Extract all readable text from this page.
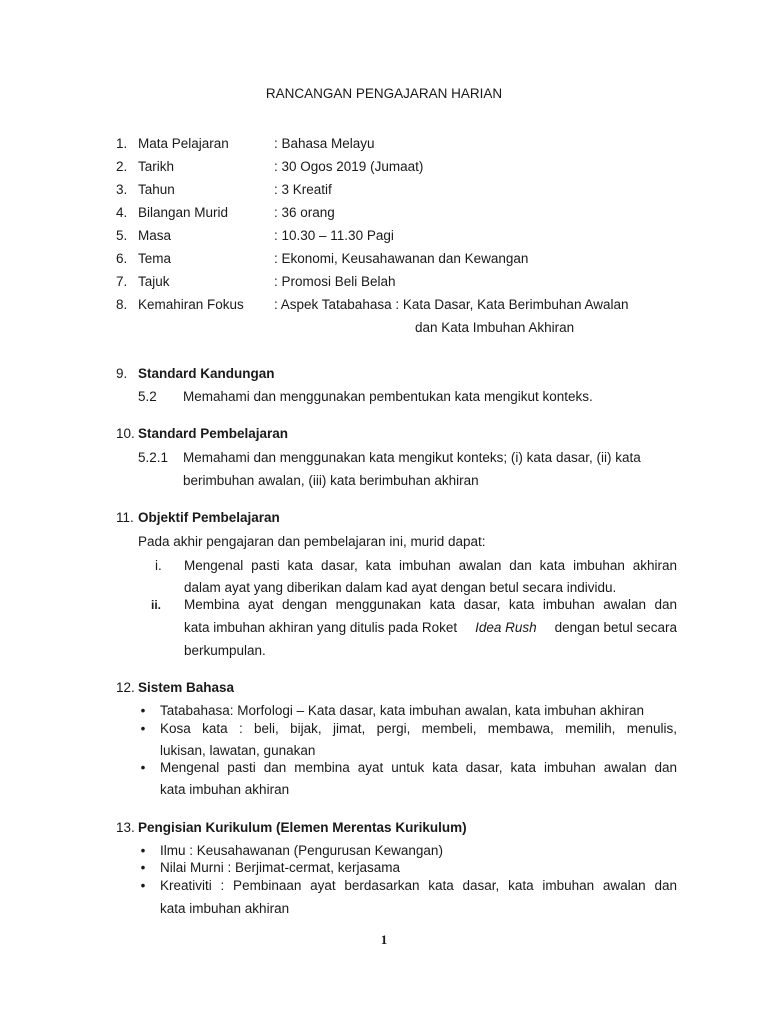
RANCANGAN PENGAJARAN HARIAN
1. Mata Pelajaran	: Bahasa Melayu
2. Tarikh	: 30 Ogos 2019 (Jumaat)
3. Tahun	: 3 Kreatif
4. Bilangan Murid	: 36 orang
5. Masa	: 10.30 – 11.30 Pagi
6. Tema	: Ekonomi, Keusahawanan dan Kewangan
7. Tajuk	: Promosi Beli Belah
8. Kemahiran Fokus : Aspek Tatabahasa : Kata Dasar, Kata Berimbuhan Awalan
dan Kata Imbuhan Akhiran
9. Standard Kandungan
5.2 Memahami dan menggunakan pembentukan kata mengikut konteks.
10. Standard Pembelajaran
5.2.1 Memahami dan menggunakan kata mengikut konteks; (i) kata dasar, (ii) kata
berimbuhan awalan, (iii) kata berimbuhan akhiran
11. Objektif Pembelajaran
Pada akhir pengajaran dan pembelajaran ini, murid dapat:
i. Mengenal pasti kata dasar, kata imbuhan awalan dan kata imbuhan akhiran
dalam ayat yang diberikan dalam kad ayat dengan betul secara individu.
ii. Membina ayat dengan menggunakan kata dasar, kata imbuhan awalan dan
kata imbuhan akhiran yang ditulis pada Roket Idea Rush dengan betul secara
berkumpulan.
12. Sistem Bahasa
• Tatabahasa: Morfologi – Kata dasar, kata imbuhan awalan, kata imbuhan akhiran
• Kosa kata : beli, bijak, jimat, pergi, membeli, membawa, memilih, menulis,
lukisan, lawatan, gunakan
• Mengenal pasti dan membina ayat untuk kata dasar, kata imbuhan awalan dan
kata imbuhan akhiran
13. Pengisian Kurikulum (Elemen Merentas Kurikulum)
• Ilmu : Keusahawanan (Pengurusan Kewangan)
• Nilai Murni : Berjimat-cermat, kerjasama
• Kreativiti : Pembinaan ayat berdasarkan kata dasar, kata imbuhan awalan dan
kata imbuhan akhiran
1
